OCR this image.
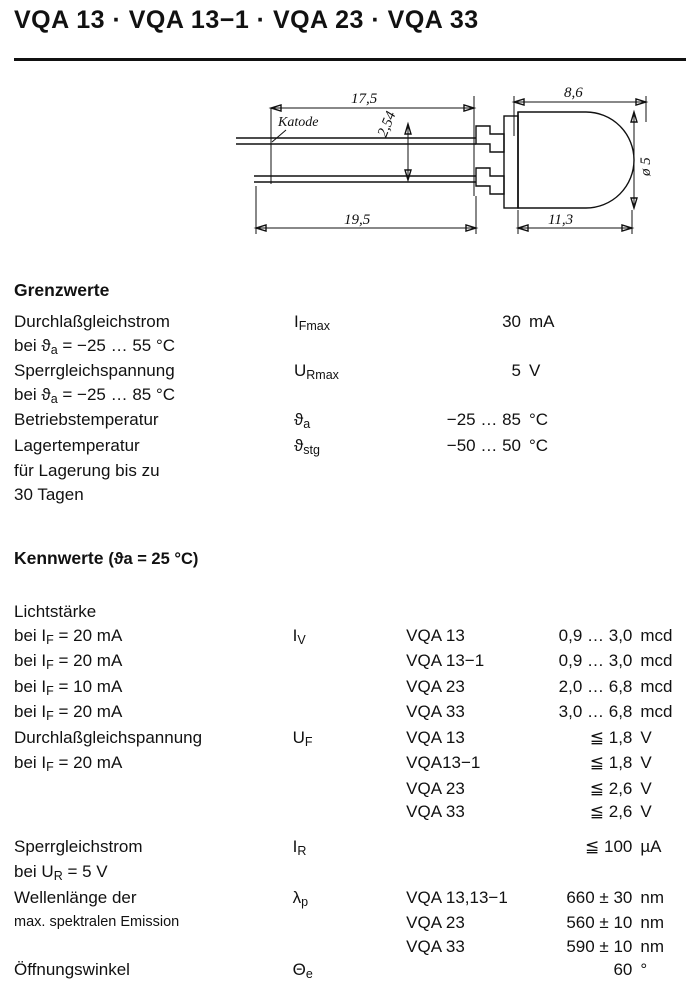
VQA 13 · VQA 13−1 · VQA 23 · VQA 33
17,5	8,6
Katode	2,54
ø 5
19,5	11,3
Grenzwerte
Durchlaßgleichstrom	IFmax	30	mA
bei ϑa = −25 … 55 °C			
Sperrgleichspannung	URmax	5	V
bei ϑa = −25 … 85 °C			
Betriebstemperatur	ϑa	−25 … 85	°C
Lagertemperatur	ϑstg	−50 … 50	°C
für Lagerung bis zu			
30 Tagen			
Kennwerte (ϑa = 25 °C)
Lichtstärke				
bei IF = 20 mA	IV	VQA 13	0,9 … 3,0	mcd
bei IF = 20 mA		VQA 13−1	0,9 … 3,0	mcd
bei IF = 10 mA		VQA 23	2,0 … 6,8	mcd
bei IF = 20 mA		VQA 33	3,0 … 6,8	mcd
Durchlaßgleichspannung	UF	VQA 13	≦ 1,8	V
bei IF = 20 mA		VQA13−1	≦ 1,8	V
		VQA 23	≦ 2,6	V
		VQA 33	≦ 2,6	V

Sperrgleichstrom	IR		≦ 100	µA
bei UR = 5 V				
Wellenlänge der	λp	VQA 13,13−1	660 ± 30	nm
max. spektralen Emission		VQA 23	560 ± 10	nm
		VQA 33	590 ± 10	nm
Öffnungswinkel	Θe		60	°
